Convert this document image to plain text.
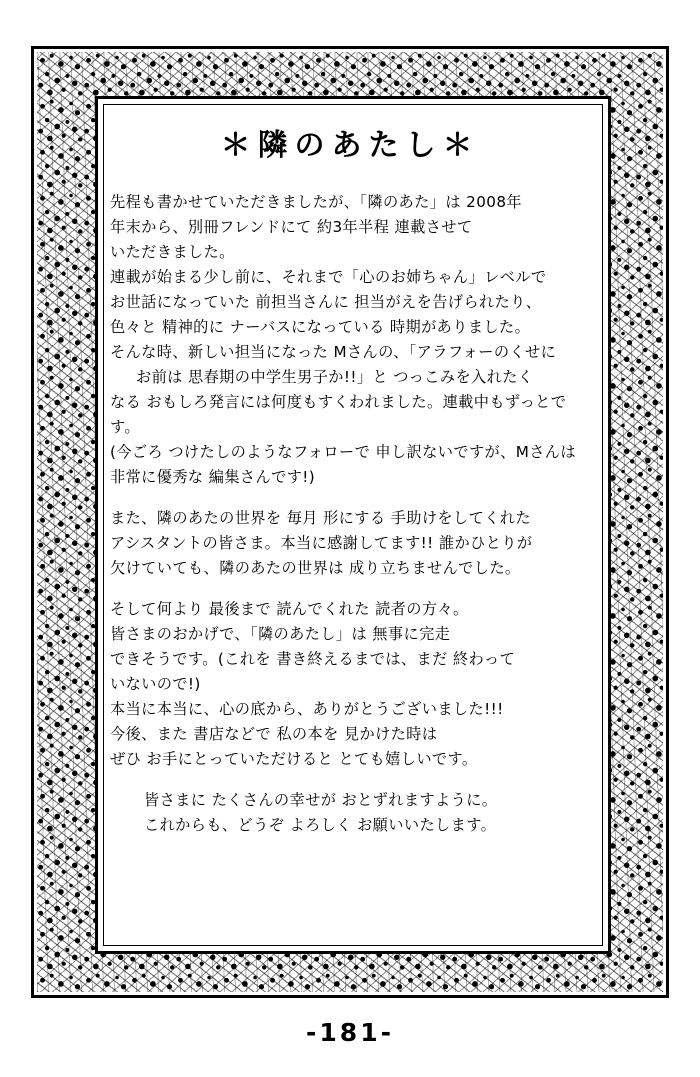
＊隣のあたし＊
先程も書かせていただきましたが、「隣のあた」は 2008年
年末から、別冊フレンドにて 約3年半程 連載させて
いただきました。
連載が始まる少し前に、それまで「心のお姉ちゃん」レベルで
お世話になっていた 前担当さんに 担当がえを告げられたり、
色々と 精神的に ナーバスになっている 時期がありました。
そんな時、新しい担当になった Mさんの、「アラフォーのくせに
お前は 思春期の中学生男子か!!」と つっこみを入れたく
なる おもしろ発言には何度もすくわれました。連載中もずっとです。
(今ごろ つけたしのようなフォローで 申し訳ないですが、Mさんは
非常に優秀な 編集さんです!)
また、隣のあたの世界を 毎月 形にする 手助けをしてくれた
アシスタントの皆さま。本当に感謝してます!! 誰かひとりが
欠けていても、隣のあたの世界は 成り立ちませんでした。
そして何より 最後まで 読んでくれた 読者の方々。
皆さまのおかげで、「隣のあたし」は 無事に完走
できそうです。(これを 書き終えるまでは、まだ 終わって
いないので!)
本当に本当に、心の底から、ありがとうございました!!!
今後、また 書店などで 私の本を 見かけた時は
ぜひ お手にとっていただけると とても嬉しいです。
皆さまに たくさんの幸せが おとずれますように。
これからも、どうぞ よろしく お願いいたします。
-181-
